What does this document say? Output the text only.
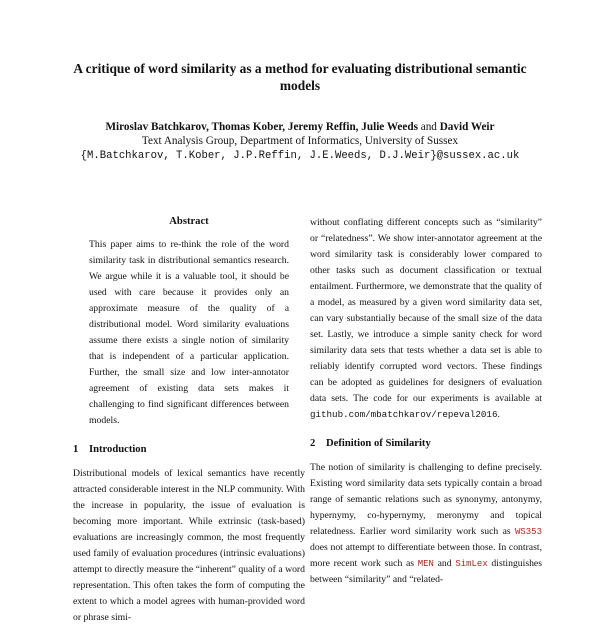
A critique of word similarity as a method for evaluating distributional semantic models
Miroslav Batchkarov, Thomas Kober, Jeremy Reffin, Julie Weeds and David Weir
Text Analysis Group, Department of Informatics, University of Sussex
{M.Batchkarov, T.Kober, J.P.Reffin, J.E.Weeds, D.J.Weir}@sussex.ac.uk
Abstract

This paper aims to re-think the role of the word similarity task in distributional semantics research. We argue while it is a valuable tool, it should be used with care because it provides only an approximate measure of the quality of a distributional model. Word similarity evaluations assume there exists a single notion of similarity that is independent of a particular application. Further, the small size and low inter-annotator agreement of existing data sets makes it challenging to find significant differences between models.

1 Introduction

Distributional models of lexical semantics have recently attracted considerable interest in the NLP community. With the increase in popularity, the issue of evaluation is becoming more important. While extrinsic (task-based) evaluations are increasingly common, the most frequently used family of evaluation procedures (intrinsic evaluations) attempt to directly measure the “inherent” quality of a word representation. This often takes the form of computing the extent to which a model agrees with human-provided word or phrase simi-

without conflating different concepts such as “similarity” or “relatedness”. We show inter-annotator agreement at the word similarity task is considerably lower compared to other tasks such as document classification or textual entailment. Furthermore, we demonstrate that the quality of a model, as measured by a given word similarity data set, can vary substantially because of the small size of the data set. Lastly, we introduce a simple sanity check for word similarity data sets that tests whether a data set is able to reliably identify corrupted word vectors. These findings can be adopted as guidelines for designers of evaluation data sets. The code for our experiments is available at github.com/mbatchkarov/repeval2016.

2 Definition of Similarity

The notion of similarity is challenging to define precisely. Existing word similarity data sets typically contain a broad range of semantic relations such as synonymy, antonymy, hypernymy, co-hypernymy, meronymy and topical relatedness. Earlier word similarity work such as WS353 does not attempt to differentiate between those. In contrast, more recent work such as MEN and SimLex distinguishes between “similarity” and “related-
